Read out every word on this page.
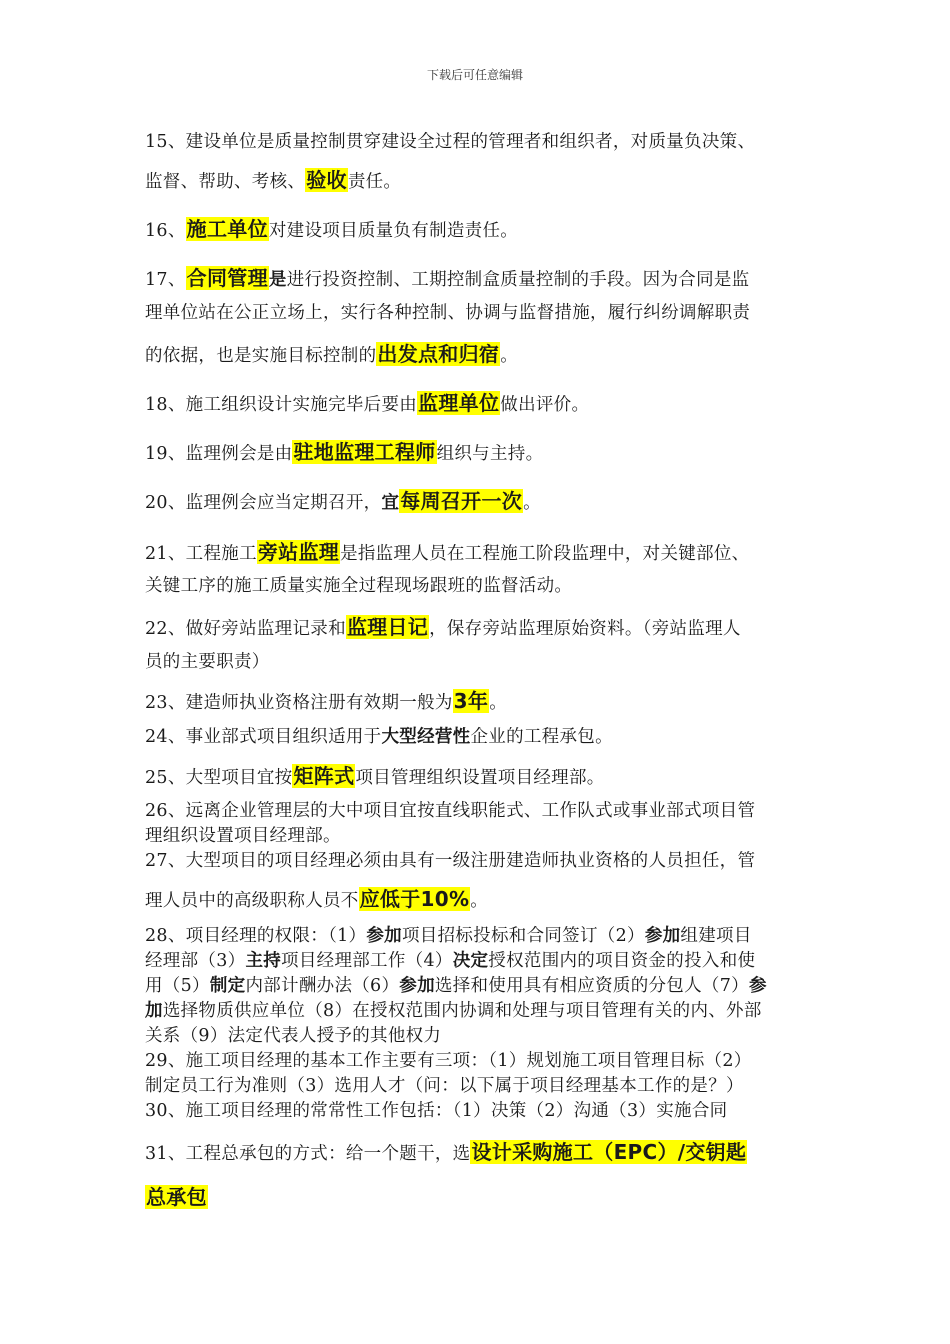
下载后可任意编辑
15、建设单位是质量控制贯穿建设全过程的管理者和组织者，对质量负决策、
监督、帮助、考核、验收责任。
16、施工单位对建设项目质量负有制造责任。
17、合同管理是进行投资控制、工期控制盒质量控制的手段。因为合同是监
理单位站在公正立场上，实行各种控制、协调与监督措施，履行纠纷调解职责
的依据，也是实施目标控制的出发点和归宿。
18、施工组织设计实施完毕后要由监理单位做出评价。
19、监理例会是由驻地监理工程师组织与主持。
20、监理例会应当定期召开，宜每周召开一次。
21、工程施工旁站监理是指监理人员在工程施工阶段监理中，对关键部位、
关键工序的施工质量实施全过程现场跟班的监督活动。
22、做好旁站监理记录和监理日记，保存旁站监理原始资料。（旁站监理人
员的主要职责）
23、建造师执业资格注册有效期一般为3年。
24、事业部式项目组织适用于大型经营性企业的工程承包。
25、大型项目宜按矩阵式项目管理组织设置项目经理部。
26、远离企业管理层的大中项目宜按直线职能式、工作队式或事业部式项目管
理组织设置项目经理部。
27、大型项目的项目经理必须由具有一级注册建造师执业资格的人员担任，管
理人员中的高级职称人员不应低于10%。
28、项目经理的权限：（1）参加项目招标投标和合同签订（2）参加组建项目
经理部（3）主持项目经理部工作（4）决定授权范围内的项目资金的投入和使
用（5）制定内部计酬办法（6）参加选择和使用具有相应资质的分包人（7）参
加选择物质供应单位（8）在授权范围内协调和处理与项目管理有关的内、外部
关系（9）法定代表人授予的其他权力
29、施工项目经理的基本工作主要有三项：（1）规划施工项目管理目标（2）
制定员工行为准则（3）选用人才（问：以下属于项目经理基本工作的是？）
30、施工项目经理的常常性工作包括：（1）决策（2）沟通（3）实施合同
31、工程总承包的方式：给一个题干，选设计采购施工（EPC）/交钥匙
总承包
